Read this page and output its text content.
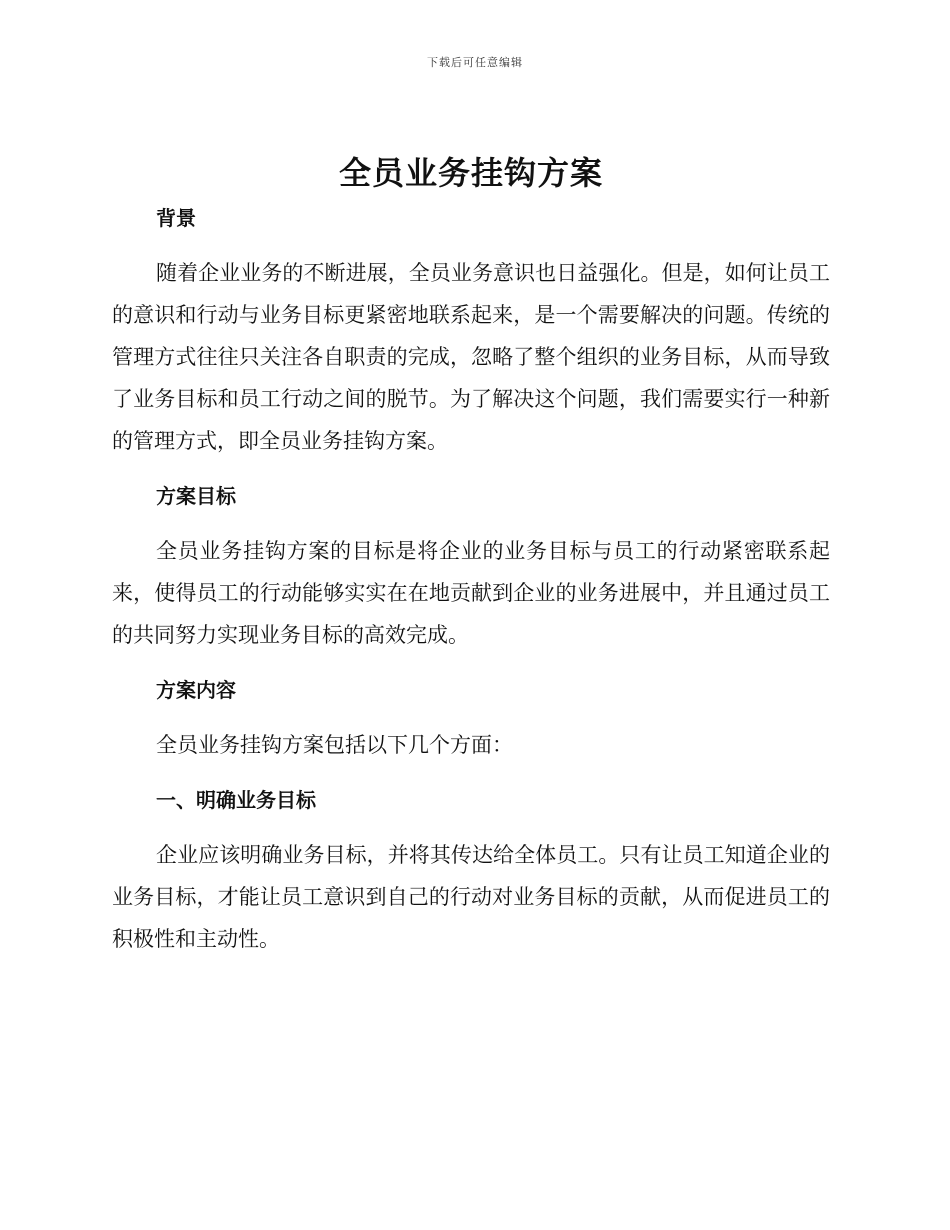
下载后可任意编辑
全员业务挂钩方案
背景

随着企业业务的不断进展，全员业务意识也日益强化。但是，如何让员工的意识和行动与业务目标更紧密地联系起来，是一个需要解决的问题。传统的管理方式往往只关注各自职责的完成，忽略了整个组织的业务目标，从而导致了业务目标和员工行动之间的脱节。为了解决这个问题，我们需要实行一种新的管理方式，即全员业务挂钩方案。

方案目标

全员业务挂钩方案的目标是将企业的业务目标与员工的行动紧密联系起来，使得员工的行动能够实实在在地贡献到企业的业务进展中，并且通过员工的共同努力实现业务目标的高效完成。

方案内容

全员业务挂钩方案包括以下几个方面：

一、明确业务目标

企业应该明确业务目标，并将其传达给全体员工。只有让员工知道企业的业务目标，才能让员工意识到自己的行动对业务目标的贡献，从而促进员工的积极性和主动性。
